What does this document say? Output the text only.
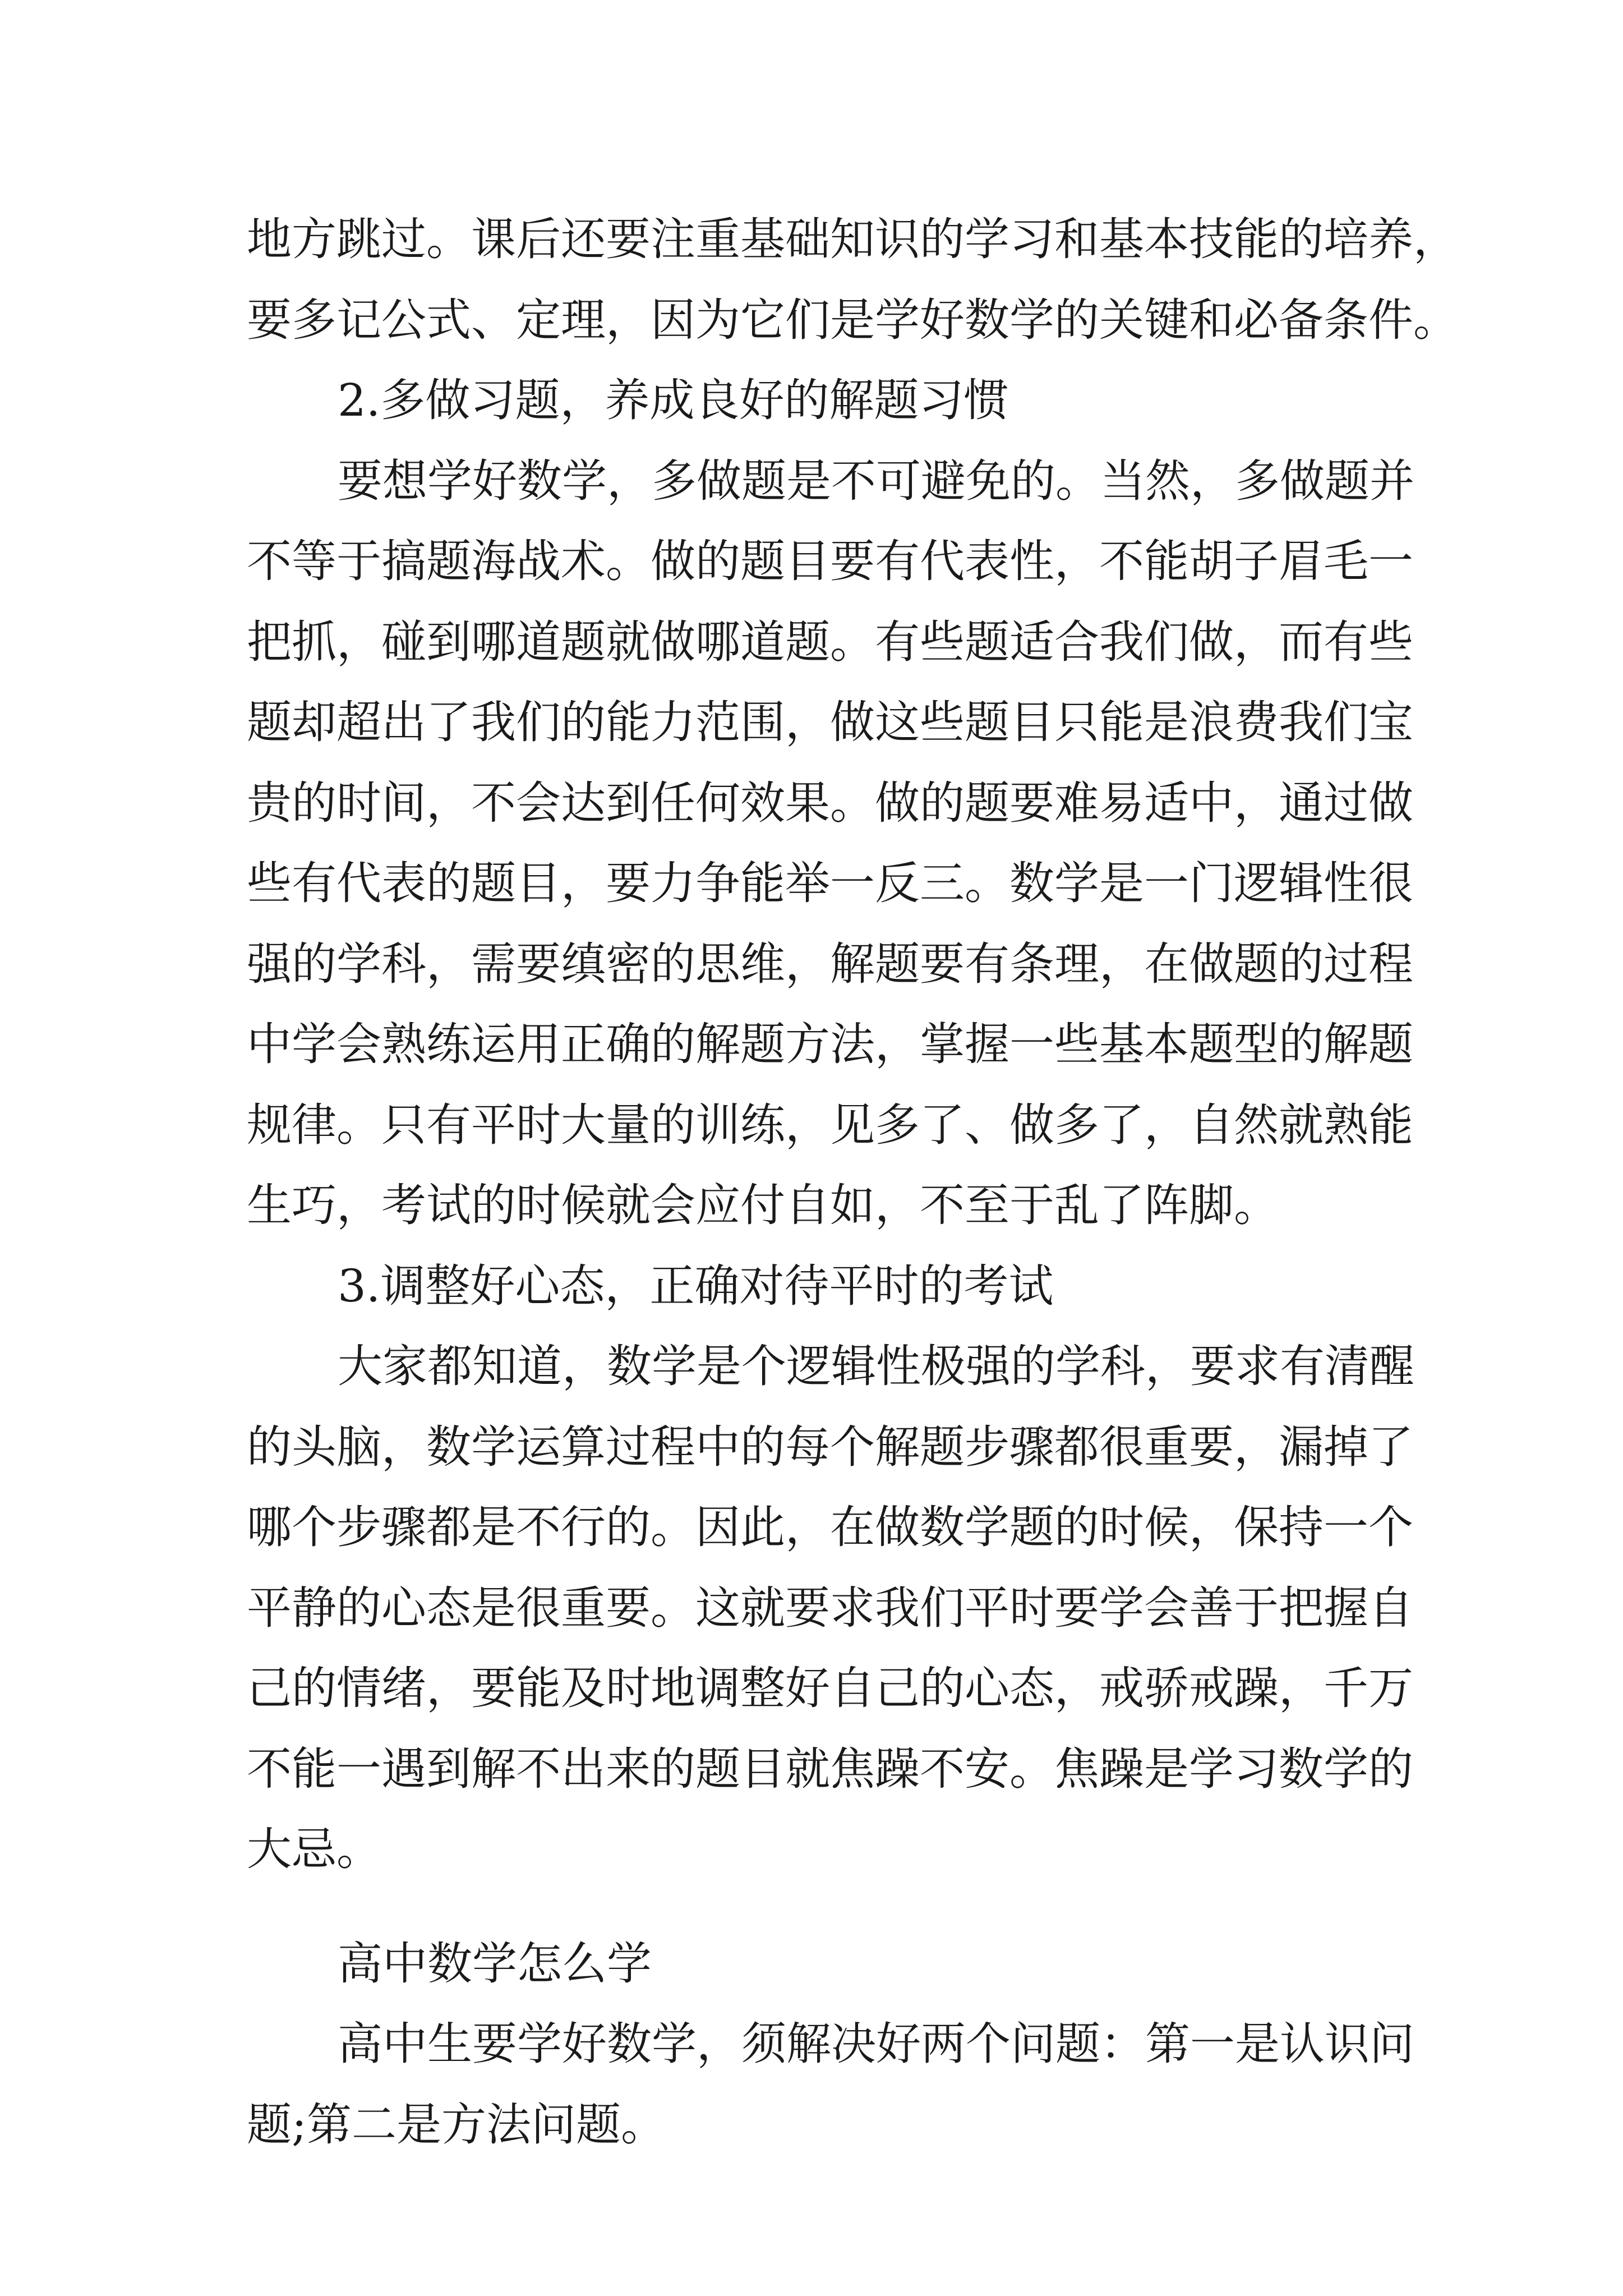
地方跳过。课后还要注重基础知识的学习和基本技能的培养，
要多记公式、定理，因为它们是学好数学的关键和必备条件。
2.多做习题，养成良好的解题习惯
要想学好数学，多做题是不可避免的。当然，多做题并
不等于搞题海战术。做的题目要有代表性，不能胡子眉毛一
把抓，碰到哪道题就做哪道题。有些题适合我们做，而有些
题却超出了我们的能力范围，做这些题目只能是浪费我们宝
贵的时间，不会达到任何效果。做的题要难易适中，通过做
些有代表的题目，要力争能举一反三。数学是一门逻辑性很
强的学科，需要缜密的思维，解题要有条理，在做题的过程
中学会熟练运用正确的解题方法，掌握一些基本题型的解题
规律。只有平时大量的训练，见多了、做多了，自然就熟能
生巧，考试的时候就会应付自如，不至于乱了阵脚。
3.调整好心态，正确对待平时的考试
大家都知道，数学是个逻辑性极强的学科，要求有清醒
的头脑，数学运算过程中的每个解题步骤都很重要，漏掉了
哪个步骤都是不行的。因此，在做数学题的时候，保持一个
平静的心态是很重要。这就要求我们平时要学会善于把握自
己的情绪，要能及时地调整好自己的心态，戒骄戒躁，千万
不能一遇到解不出来的题目就焦躁不安。焦躁是学习数学的
大忌。
高中数学怎么学
高中生要学好数学，须解决好两个问题：第一是认识问
题;第二是方法问题。
